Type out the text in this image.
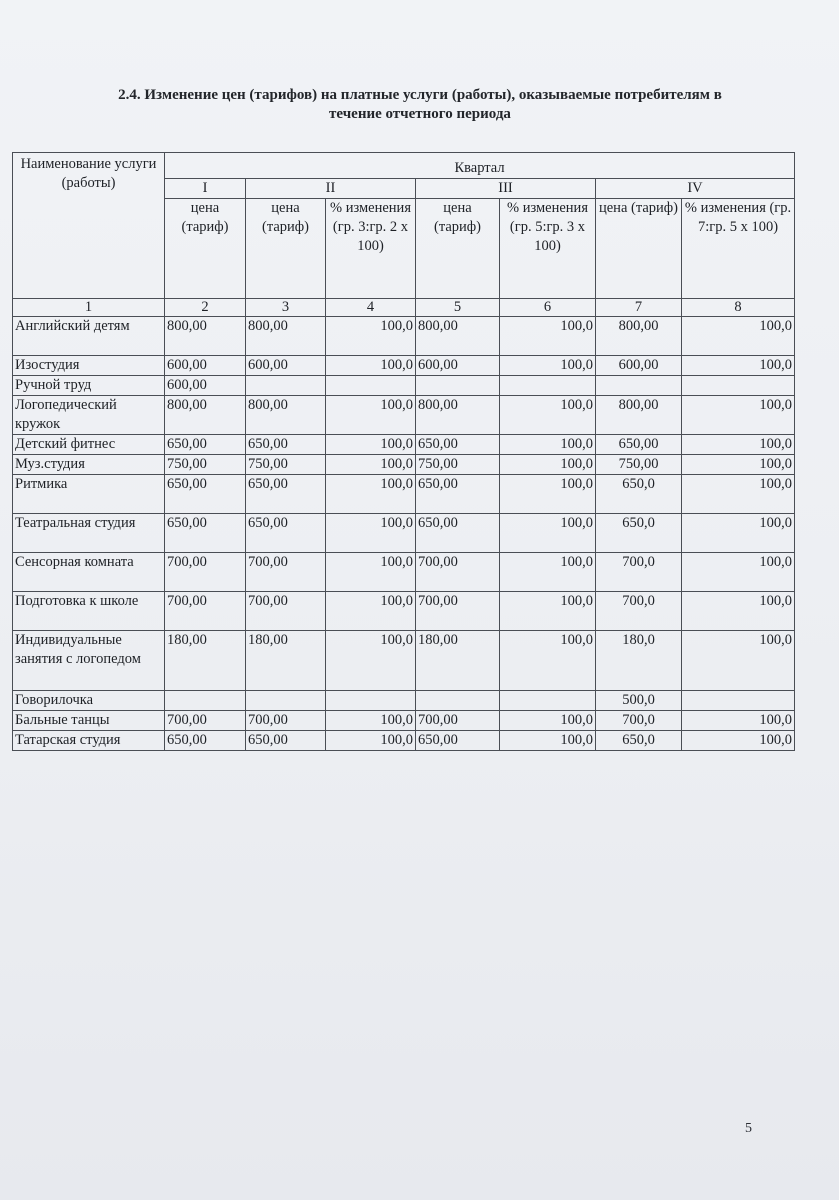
2.4. Изменение цен (тарифов) на платные услуги (работы), оказываемые потребителям в
течение отчетного периода
Наименование услуги (работы)	Квартал						
	I	II		III		IV	
	цена (тариф)	цена (тариф)	% изменения (гр. 3:гр. 2 х 100)	цена (тариф)	% изменения (гр. 5:гр. 3 х 100)	цена (тариф)	% изменения (гр. 7:гр. 5 х 100)
1	2	3	4	5	6	7	8
Английский детям	800,00	800,00	100,0	800,00	100,0	800,00	100,0
Изостудия	600,00	600,00	100,0	600,00	100,0	600,00	100,0
Ручной труд	600,00						
Логопедический кружок	800,00	800,00	100,0	800,00	100,0	800,00	100,0
Детский фитнес	650,00	650,00	100,0	650,00	100,0	650,00	100,0
Муз.студия	750,00	750,00	100,0	750,00	100,0	750,00	100,0
Ритмика	650,00	650,00	100,0	650,00	100,0	650,0	100,0
Театральная студия	650,00	650,00	100,0	650,00	100,0	650,0	100,0
Сенсорная комната	700,00	700,00	100,0	700,00	100,0	700,0	100,0
Подготовка к школе	700,00	700,00	100,0	700,00	100,0	700,0	100,0
Индивидуальные занятия с логопедом	180,00	180,00	100,0	180,00	100,0	180,0	100,0
Говорилочка						500,0	
Бальные танцы	700,00	700,00	100,0	700,00	100,0	700,0	100,0
Татарская студия	650,00	650,00	100,0	650,00	100,0	650,0	100,0
5
